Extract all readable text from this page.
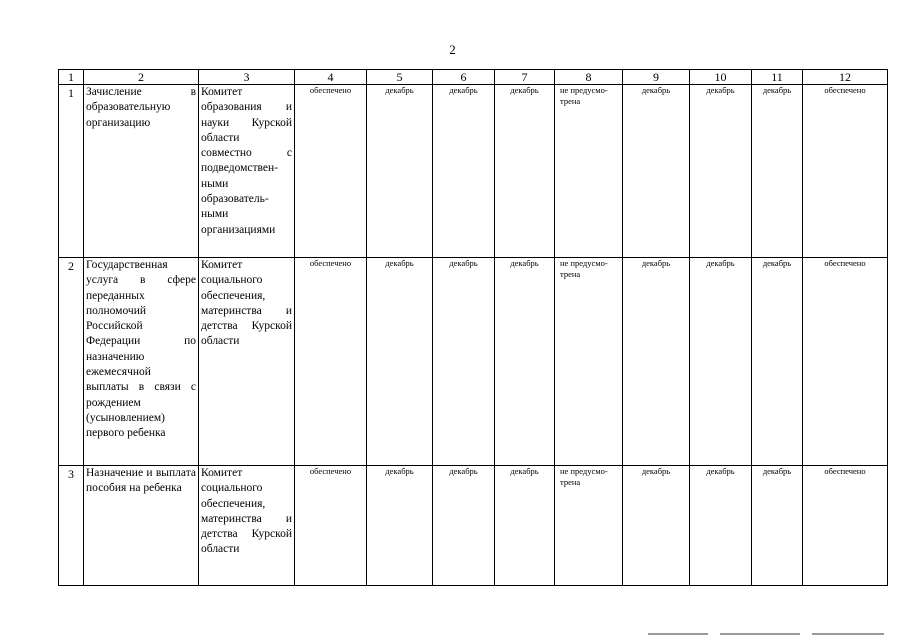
2
1	2	3	4	5	6	7	8	9	10	11	12
1	Зачисление в образовательную организацию	Комитет образования и науки Курской области совместно с подведомствен-ными образователь-ными организациями	обеспечено	декабрь	декабрь	декабрь	не предусмо-трена	декабрь	декабрь	декабрь	обеспечено
2	Государственная услуга в сфере переданных полномочий Российской Федерации по назначению ежемесячной выплаты в связи с рождением (усыновлением) первого ребенка	Комитет социального обеспечения, материнства и детства Курской области	обеспечено	декабрь	декабрь	декабрь	не предусмо-трена	декабрь	декабрь	декабрь	обеспечено
3	Назначение и выплата пособия на ребенка	Комитет социального обеспечения, материнства и детства Курской области	обеспечено	декабрь	декабрь	декабрь	не предусмо-трена	декабрь	декабрь	декабрь	обеспечено
